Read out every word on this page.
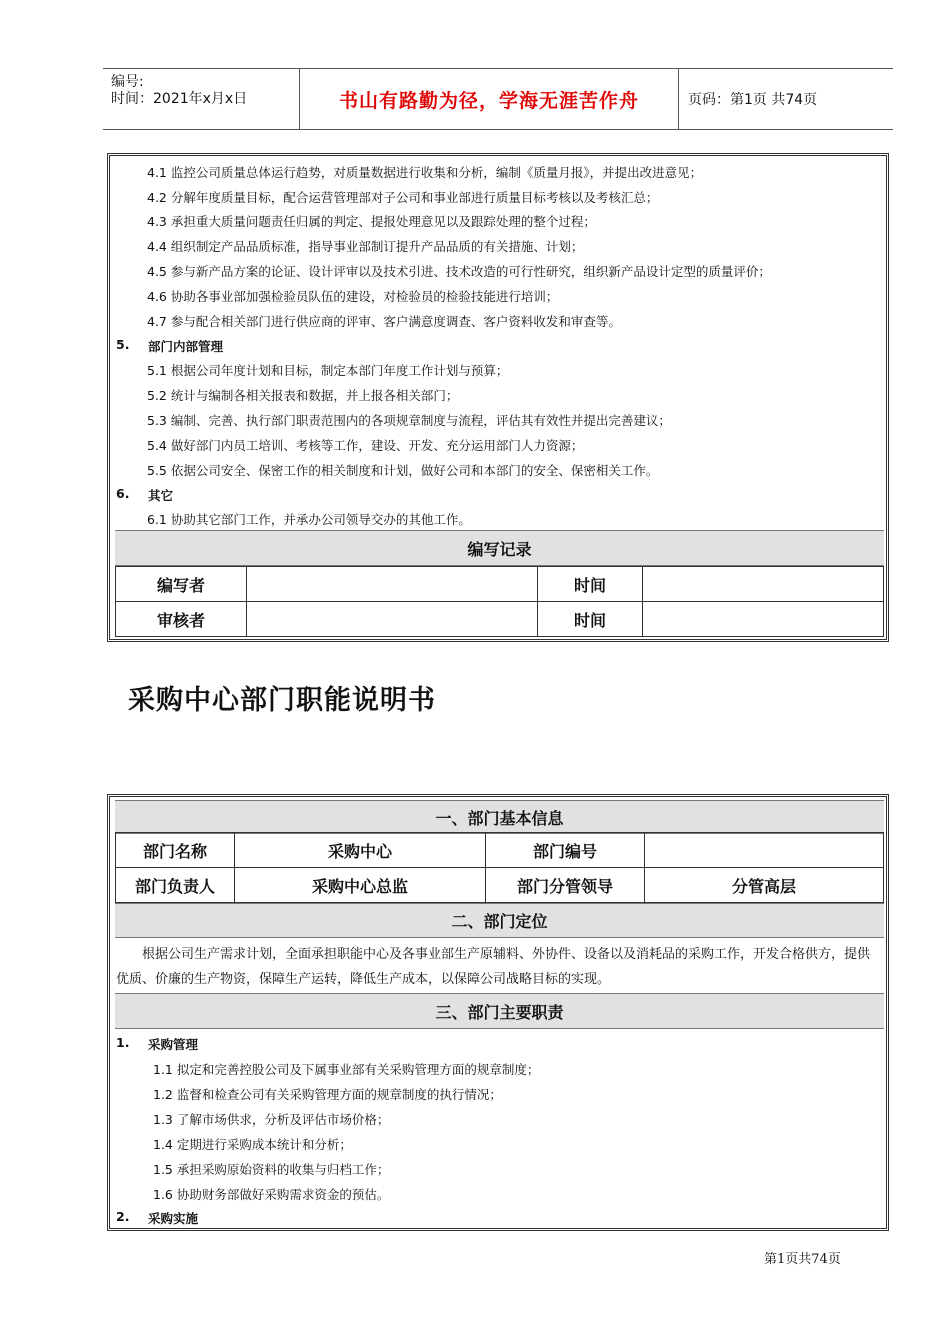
编号:
时间：2021年x月x日	书山有路勤为径，学海无涯苦作舟	页码：第1页 共74页
4.1 监控公司质量总体运行趋势，对质量数据进行收集和分析，编制《质量月报》，并提出改进意见；
4.2 分解年度质量目标，配合运营管理部对子公司和事业部进行质量目标考核以及考核汇总；
4.3 承担重大质量问题责任归属的判定、提报处理意见以及跟踪处理的整个过程；
4.4 组织制定产品品质标准，指导事业部制订提升产品品质的有关措施、计划；
4.5 参与新产品方案的论证、设计评审以及技术引进、技术改造的可行性研究，组织新产品设计定型的质量评价；
4.6 协助各事业部加强检验员队伍的建设，对检验员的检验技能进行培训；
4.7 参与配合相关部门进行供应商的评审、客户满意度调查、客户资料收发和审查等。
5. 部门内部管理
5.1 根据公司年度计划和目标，制定本部门年度工作计划与预算；
5.2 统计与编制各相关报表和数据，并上报各相关部门；
5.3 编制、完善、执行部门职责范围内的各项规章制度与流程，评估其有效性并提出完善建议；
5.4 做好部门内员工培训、考核等工作，建设、开发、充分运用部门人力资源；
5.5 依据公司安全、保密工作的相关制度和计划，做好公司和本部门的安全、保密相关工作。
6. 其它
6.1 协助其它部门工作，并承办公司领导交办的其他工作。
编写记录
编写者		时间	
审核者		时间	
采购中心部门职能说明书
一、部门基本信息
部门名称	采购中心	部门编号	
部门负责人	采购中心总监	部门分管领导	分管高层
二、部门定位
根据公司生产需求计划，全面承担职能中心及各事业部生产原辅料、外协件、设备以及消耗品的采购工作，开发合格供方，提供优质、价廉的生产物资，保障生产运转，降低生产成本，以保障公司战略目标的实现。
三、部门主要职责
1. 采购管理
1.1 拟定和完善控股公司及下属事业部有关采购管理方面的规章制度；
1.2 监督和检查公司有关采购管理方面的规章制度的执行情况；
1.3 了解市场供求，分析及评估市场价格；
1.4 定期进行采购成本统计和分析；
1.5 承担采购原始资料的收集与归档工作；
1.6 协助财务部做好采购需求资金的预估。
2. 采购实施
第1页共74页
